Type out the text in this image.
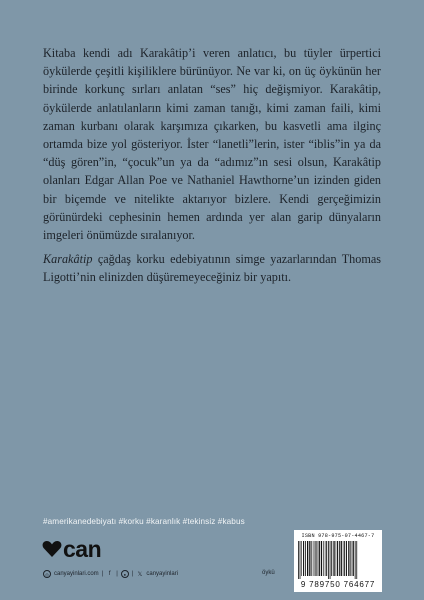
Kitaba kendi adı Karakâtip’i veren anlatıcı, bu tüyler ürpertici öykülerde çeşitli kişiliklere bürünüyor. Ne var ki, on üç öykünün her birinde korkunç sırları anlatan “ses” hiç değişmiyor. Karakâtip, öykülerde anlatılanların kimi zaman tanığı, kimi zaman faili, kimi zaman kurbanı olarak karşımıza çıkarken, bu kasvetli ama ilginç ortamda bize yol gösteriyor. İster “lanetli”lerin, ister “iblis”in ya da “düş gören”in, “çocuk”un ya da “adımız”ın sesi olsun, Karakâtip olanları Edgar Allan Poe ve Nathaniel Hawthorne’un izinden giden bir biçemde ve nitelikte aktarıyor bizlere. Kendi gerçeğimizin görünürdeki cephesinin hemen ardında yer alan garip dünyaların imgeleri önümüzde sıralanıyor.

Karakâtip çağdaş korku edebiyatının simge yazarlarından Thomas Ligotti’nin elinizden düşüremeyeceğiniz bir yapıtı.

#amerikanedebiyatı #korku #karanlık #tekinsiz #kabus
can
◎ canyayinlari.com | f |	● | 𝕏 canyayinlari	öykü
ISBN 978-975-07-4467-7
9 789750 764677
